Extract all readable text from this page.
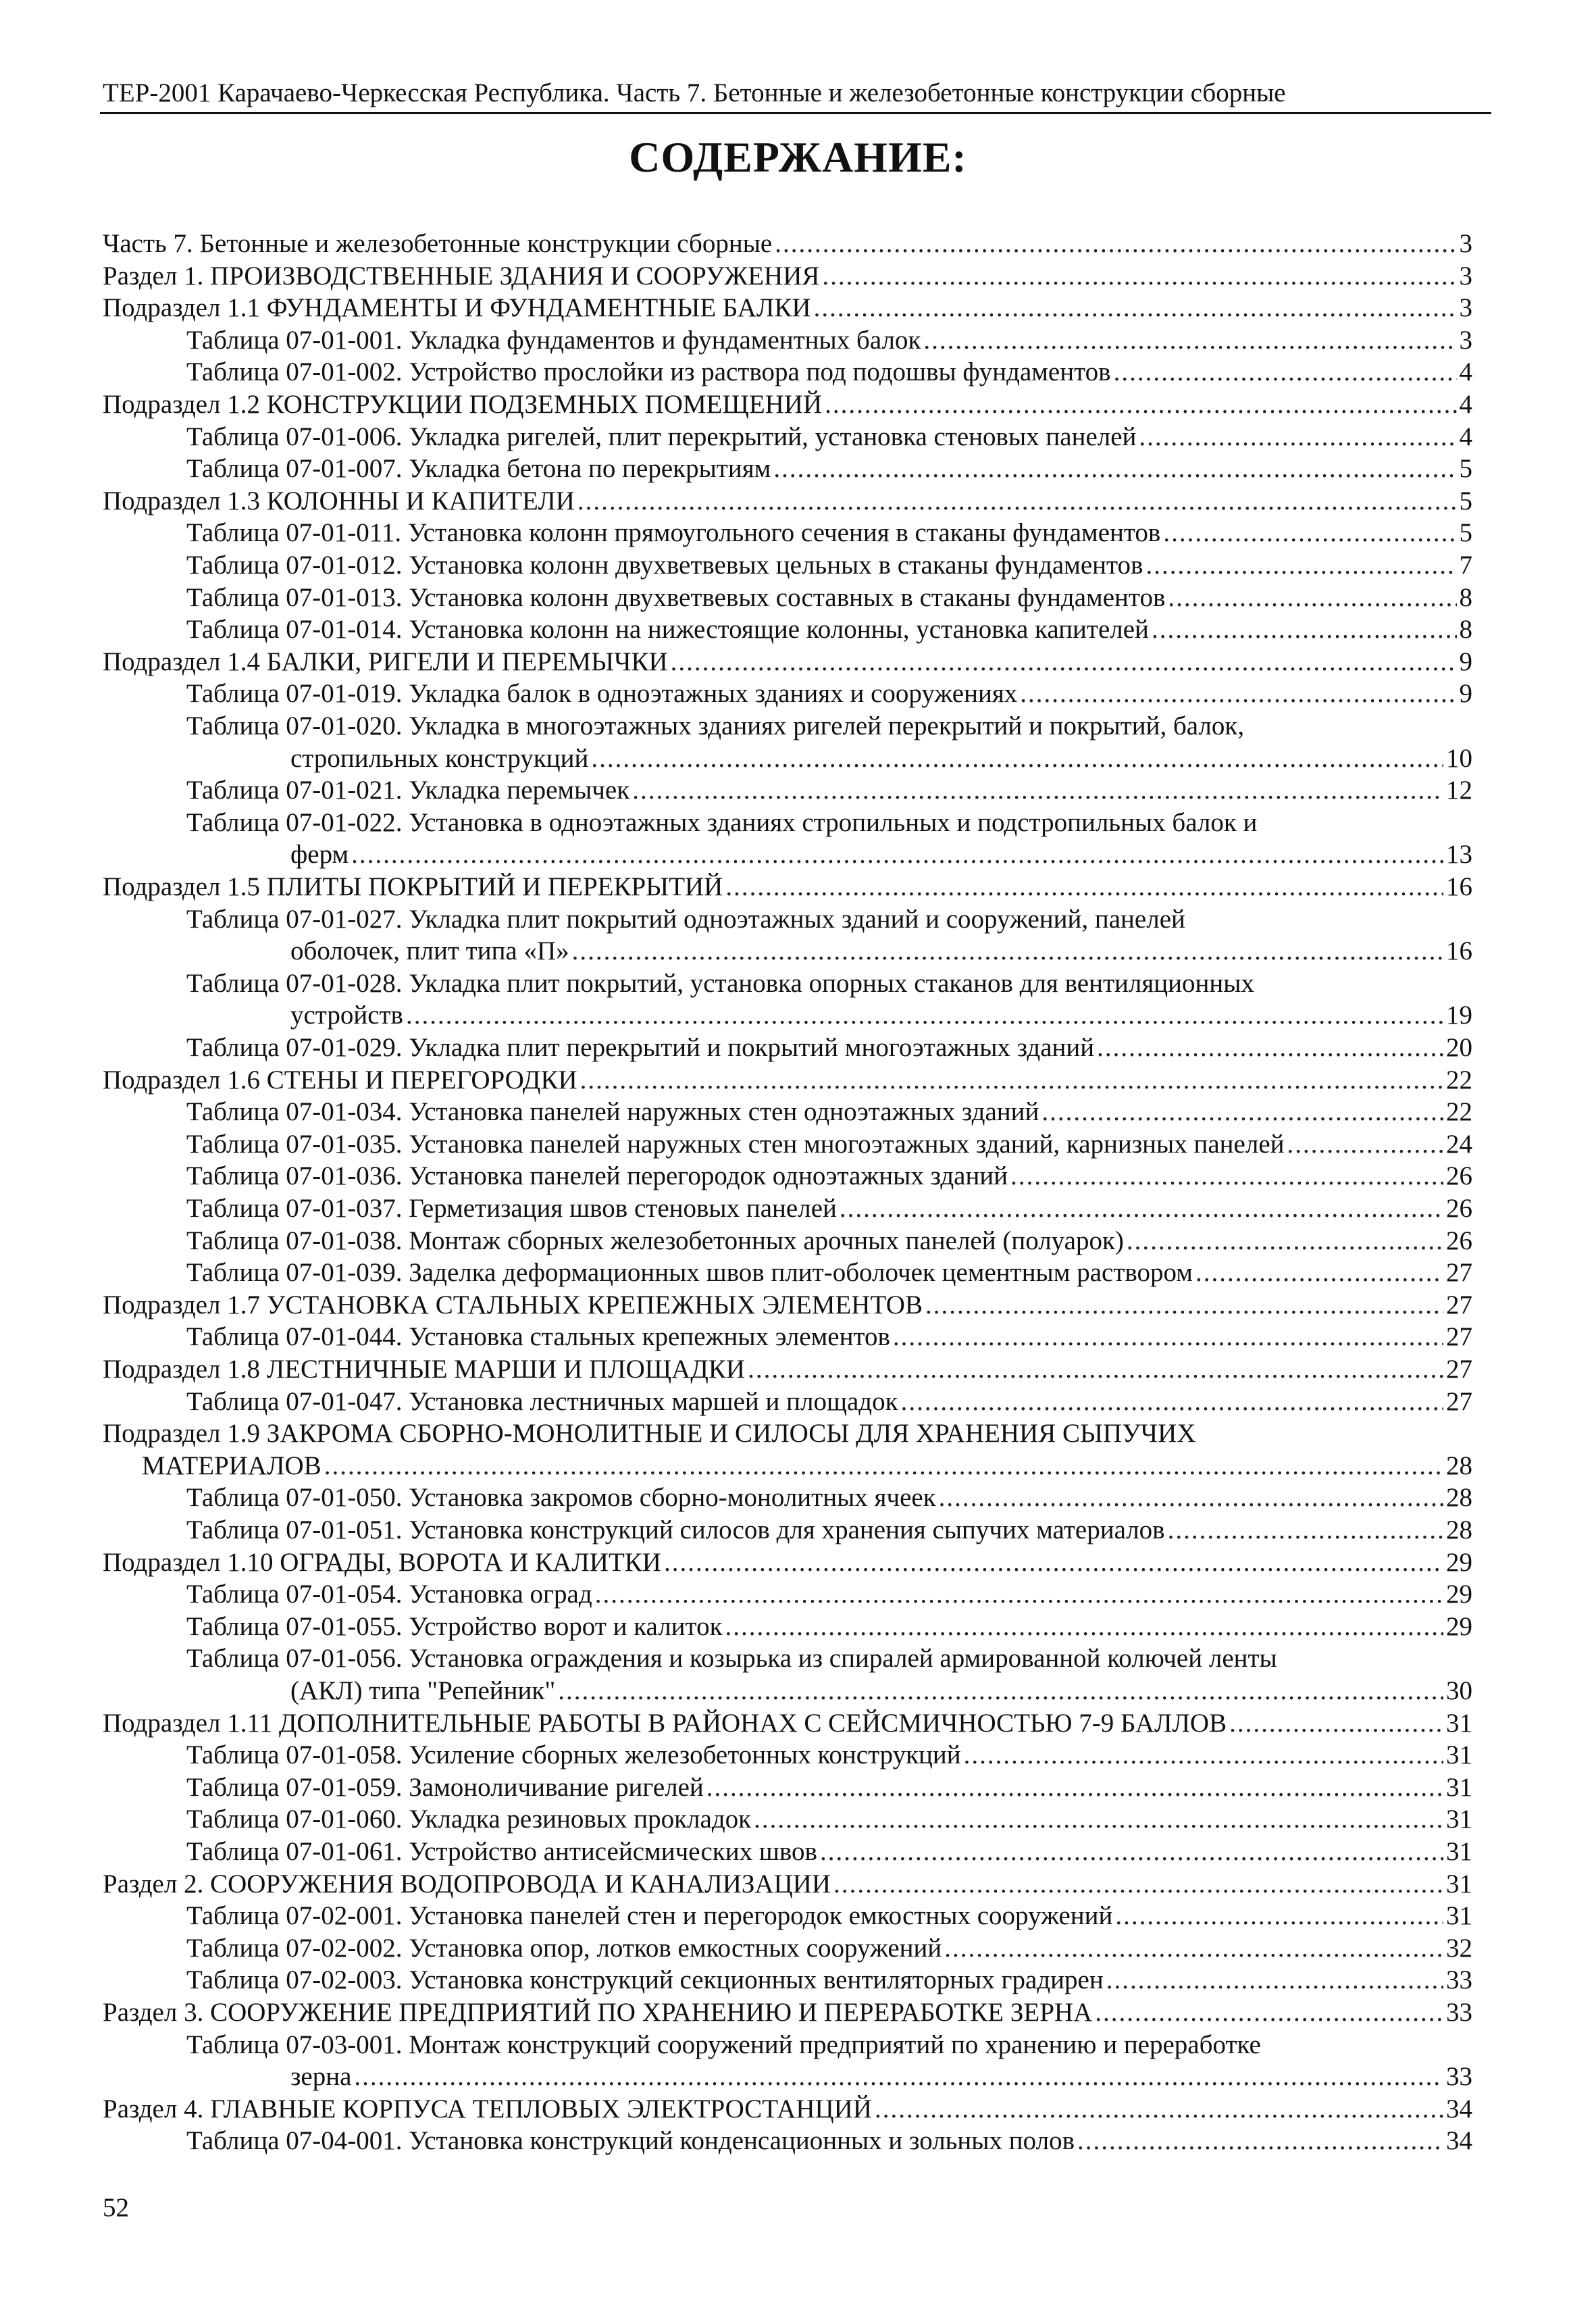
ТЕР-2001 Карачаево-Черкесская Республика. Часть 7. Бетонные и железобетонные конструкции сборные
СОДЕРЖАНИЕ:
Часть 7. Бетонные и железобетонные конструкции сборные .....	3
Раздел 1. ПРОИЗВОДСТВЕННЫЕ ЗДАНИЯ И СООРУЖЕНИЯ .....	3
Подраздел 1.1 ФУНДАМЕНТЫ И ФУНДАМЕНТНЫЕ БАЛКИ .....	3
Таблица 07-01-001. Укладка фундаментов и фундаментных балок .....	3
Таблица 07-01-002. Устройство прослойки из раствора под подошвы фундаментов .....	4
Подраздел 1.2 КОНСТРУКЦИИ ПОДЗЕМНЫХ ПОМЕЩЕНИЙ .....	4
Таблица 07-01-006. Укладка ригелей, плит перекрытий, установка стеновых панелей .....	4
Таблица 07-01-007. Укладка бетона по перекрытиям .....	5
Подраздел 1.3 КОЛОННЫ И КАПИТЕЛИ .....	5
Таблица 07-01-011. Установка колонн прямоугольного сечения в стаканы фундаментов .....	5
Таблица 07-01-012. Установка колонн двухветвевых цельных в стаканы фундаментов .....	7
Таблица 07-01-013. Установка колонн двухветвевых составных в стаканы фундаментов .....	8
Таблица 07-01-014. Установка колонн на нижестоящие колонны, установка капителей .....	8
Подраздел 1.4 БАЛКИ, РИГЕЛИ И ПЕРЕМЫЧКИ .....	9
Таблица 07-01-019. Укладка балок в одноэтажных зданиях и сооружениях .....	9
Таблица 07-01-020. Укладка в многоэтажных зданиях ригелей перекрытий и покрытий, балок,
стропильных конструкций .....	10
Таблица 07-01-021. Укладка перемычек .....	12
Таблица 07-01-022. Установка в одноэтажных зданиях стропильных и подстропильных балок и
ферм .....	13
Подраздел 1.5 ПЛИТЫ ПОКРЫТИЙ И ПЕРЕКРЫТИЙ .....	16
Таблица 07-01-027. Укладка плит покрытий одноэтажных зданий и сооружений, панелей
оболочек, плит типа «П» .....	16
Таблица 07-01-028. Укладка плит покрытий, установка опорных стаканов для вентиляционных
устройств .....	19
Таблица 07-01-029. Укладка плит перекрытий и покрытий многоэтажных зданий .....	20
Подраздел 1.6 СТЕНЫ И ПЕРЕГОРОДКИ .....	22
Таблица 07-01-034. Установка панелей наружных стен одноэтажных зданий .....	22
Таблица 07-01-035. Установка панелей наружных стен многоэтажных зданий, карнизных панелей .....	24
Таблица 07-01-036. Установка панелей перегородок одноэтажных зданий .....	26
Таблица 07-01-037. Герметизация швов стеновых панелей .....	26
Таблица 07-01-038. Монтаж сборных железобетонных арочных панелей (полуарок) .....	26
Таблица 07-01-039. Заделка деформационных швов плит-оболочек цементным раствором .....	27
Подраздел 1.7 УСТАНОВКА СТАЛЬНЫХ КРЕПЕЖНЫХ ЭЛЕМЕНТОВ .....	27
Таблица 07-01-044. Установка стальных крепежных элементов .....	27
Подраздел 1.8 ЛЕСТНИЧНЫЕ МАРШИ И ПЛОЩАДКИ .....	27
Таблица 07-01-047. Установка лестничных маршей и площадок .....	27
Подраздел 1.9 ЗАКРОМА СБОРНО-МОНОЛИТНЫЕ И СИЛОСЫ ДЛЯ ХРАНЕНИЯ СЫПУЧИХ
МАТЕРИАЛОВ .....	28
Таблица 07-01-050. Установка закромов сборно-монолитных ячеек .....	28
Таблица 07-01-051. Установка конструкций силосов для хранения сыпучих материалов .....	28
Подраздел 1.10 ОГРАДЫ, ВОРОТА И КАЛИТКИ .....	29
Таблица 07-01-054. Установка оград .....	29
Таблица 07-01-055. Устройство ворот и калиток .....	29
Таблица 07-01-056. Установка ограждения и козырька из спиралей армированной колючей ленты
(АКЛ) типа "Репейник" .....	30
Подраздел 1.11 ДОПОЛНИТЕЛЬНЫЕ РАБОТЫ В РАЙОНАХ С СЕЙСМИЧНОСТЬЮ 7-9 БАЛЛОВ .....	31
Таблица 07-01-058. Усиление сборных железобетонных конструкций .....	31
Таблица 07-01-059. Замоноличивание ригелей .....	31
Таблица 07-01-060. Укладка резиновых прокладок .....	31
Таблица 07-01-061. Устройство антисейсмических швов .....	31
Раздел 2. СООРУЖЕНИЯ ВОДОПРОВОДА И КАНАЛИЗАЦИИ .....	31
Таблица 07-02-001. Установка панелей стен и перегородок емкостных сооружений .....	31
Таблица 07-02-002. Установка опор, лотков емкостных сооружений .....	32
Таблица 07-02-003. Установка конструкций секционных вентиляторных градирен .....	33
Раздел 3. СООРУЖЕНИЕ ПРЕДПРИЯТИЙ ПО ХРАНЕНИЮ И ПЕРЕРАБОТКЕ ЗЕРНА .....	33
Таблица 07-03-001. Монтаж конструкций сооружений предприятий по хранению и переработке
зерна .....	33
Раздел 4. ГЛАВНЫЕ КОРПУСА ТЕПЛОВЫХ ЭЛЕКТРОСТАНЦИЙ .....	34
Таблица 07-04-001. Установка конструкций конденсационных и зольных полов .....	34
52
